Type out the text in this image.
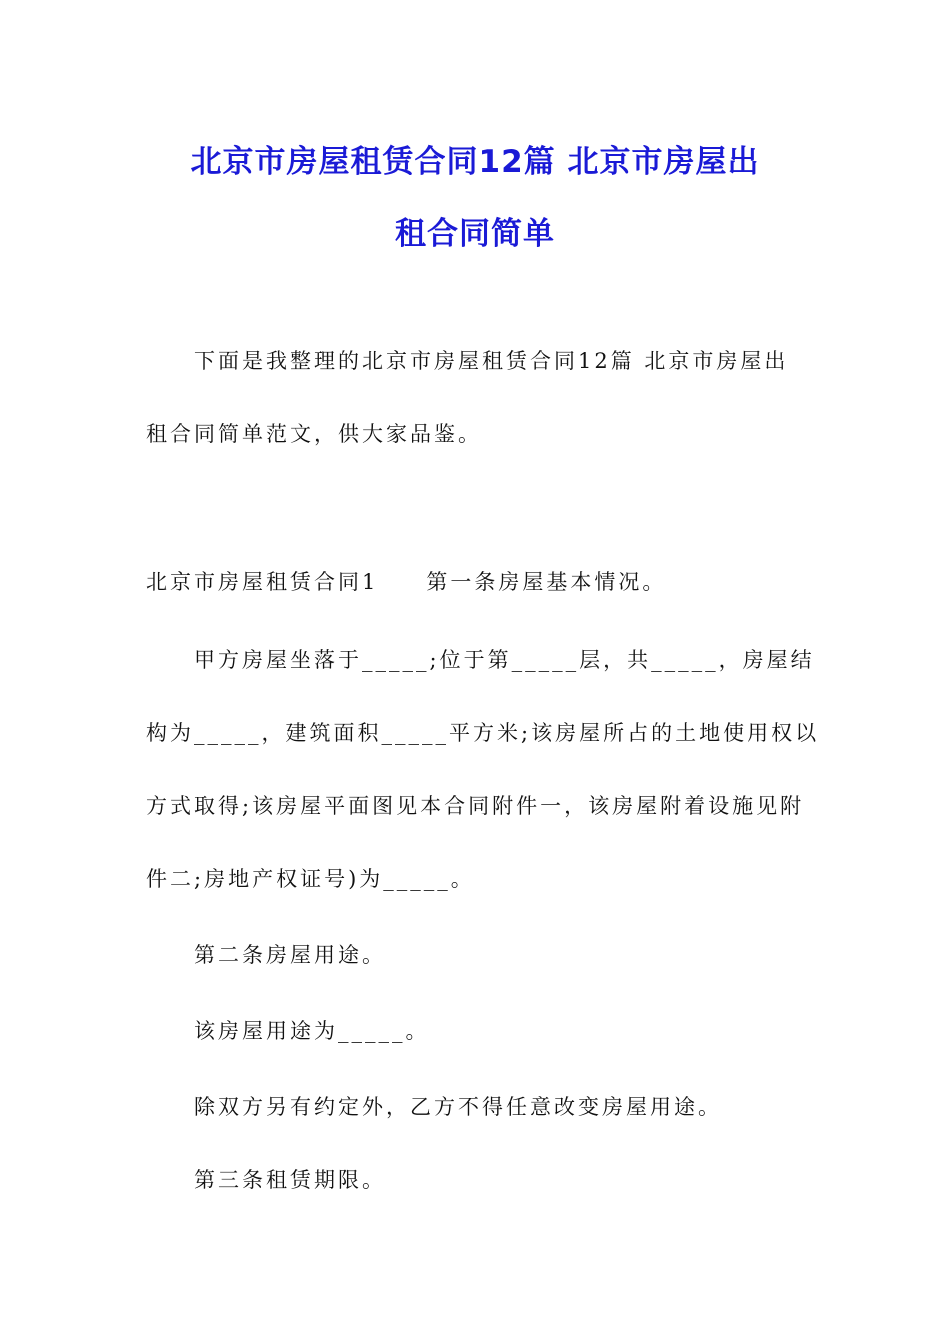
北京市房屋租赁合同12篇 北京市房屋出
租合同简单
下面是我整理的北京市房屋租赁合同12篇 北京市房屋出
租合同简单范文，供大家品鉴。
北京市房屋租赁合同1 第一条房屋基本情况。
甲方房屋坐落于_____;位于第_____层，共_____，房屋结
构为_____，建筑面积_____平方米;该房屋所占的土地使用权以
方式取得;该房屋平面图见本合同附件一，该房屋附着设施见附
件二;房地产权证号)为_____。
第二条房屋用途。
该房屋用途为_____。
除双方另有约定外，乙方不得任意改变房屋用途。
第三条租赁期限。
